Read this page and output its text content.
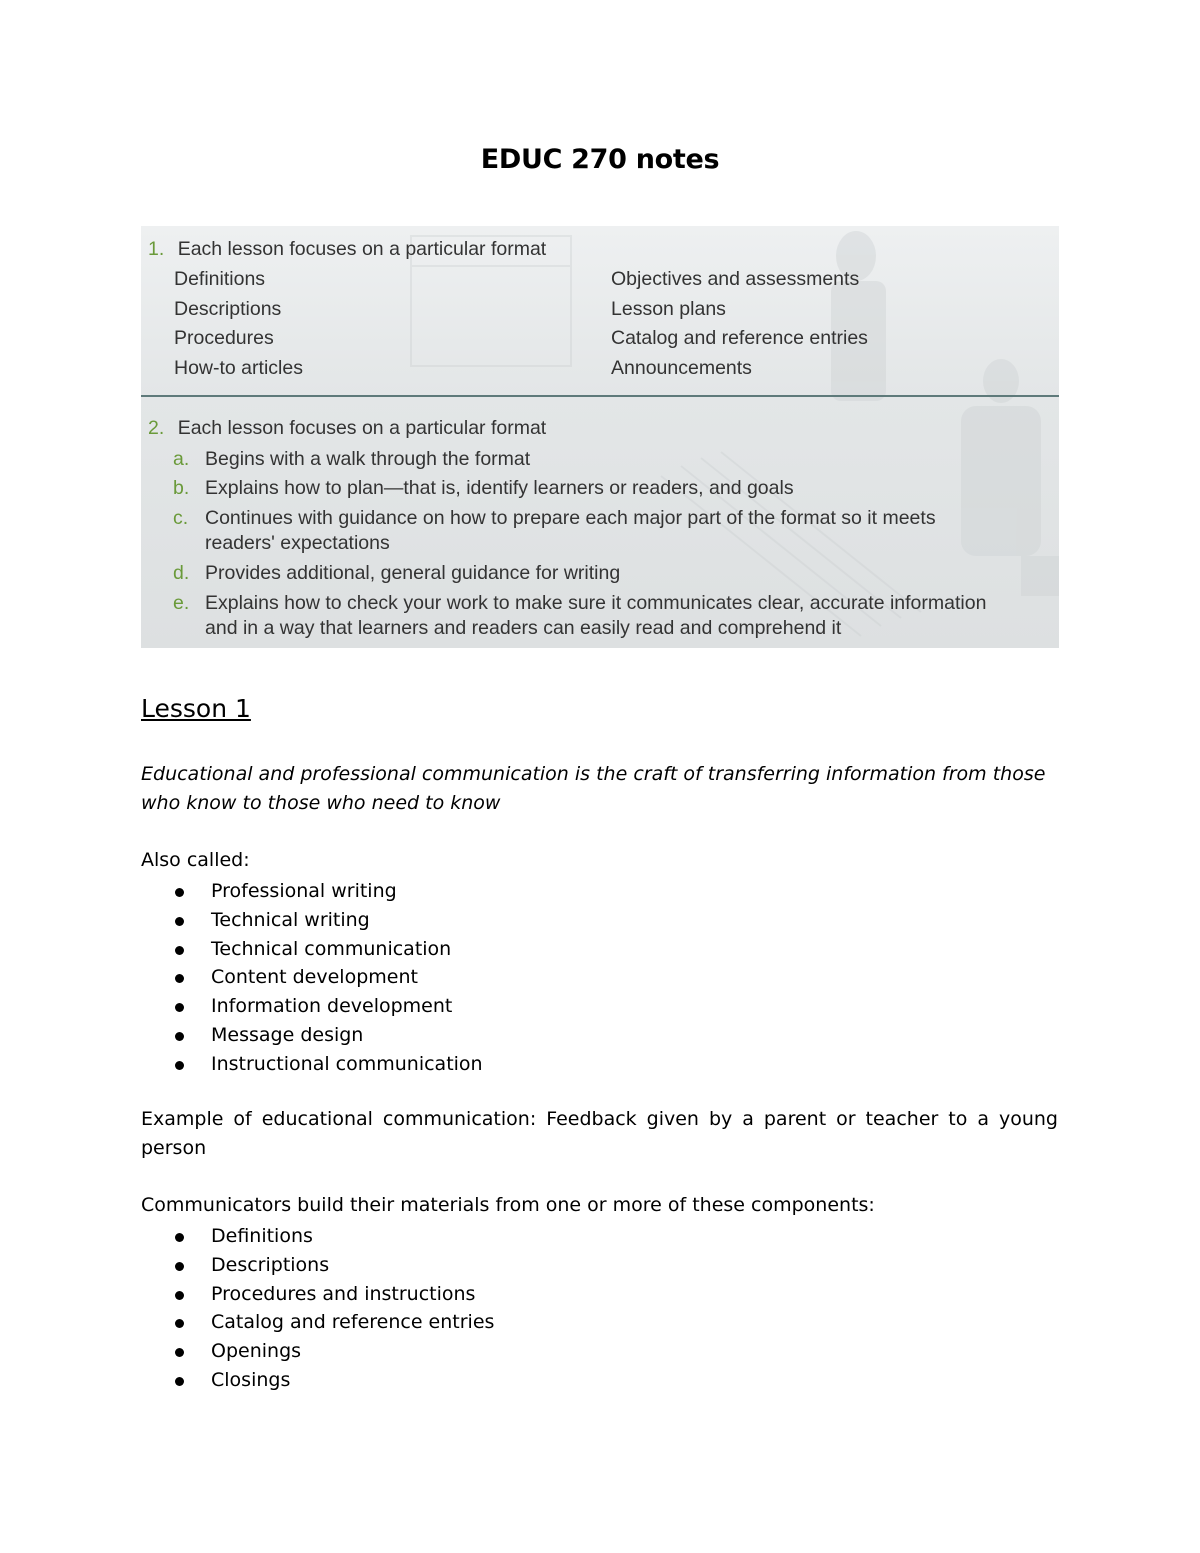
EDUC 270 notes
1. Each lesson focuses on a particular format
Definitions
Descriptions
Procedures
How-to articles
Objectives and assessments
Lesson plans
Catalog and reference entries
Announcements
2. Each lesson focuses on a particular format
a. Begins with a walk through the format
b. Explains how to plan—that is, identify learners or readers, and goals
c. Continues with guidance on how to prepare each major part of the format so it meets
readers' expectations
d. Provides additional, general guidance for writing
e. Explains how to check your work to make sure it communicates clear, accurate information
and in a way that learners and readers can easily read and comprehend it
Lesson 1
Educational and professional communication is the craft of transferring information from those
who know to those who need to know
Also called:
Professional writing
Technical writing
Technical communication
Content development
Information development
Message design
Instructional communication
Example of educational communication: Feedback given by a parent or teacher to a young
person
Communicators build their materials from one or more of these components:
Definitions
Descriptions
Procedures and instructions
Catalog and reference entries
Openings
Closings
